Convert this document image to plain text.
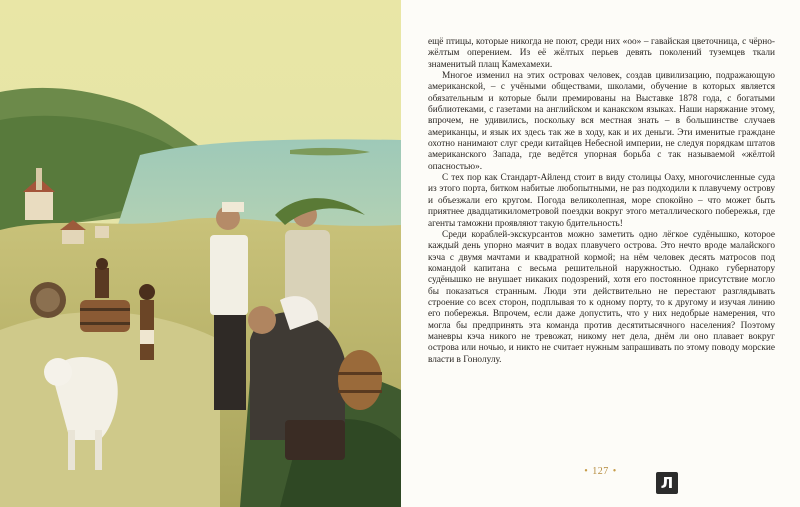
ещё птицы, которые никогда не поют, среди них «оо» – гавайская цветочница, с чёрно-жёлтым оперением. Из её жёлтых перьев девять поколений туземцев ткали знаменитый плащ Камехамехи.

Многое изменил на этих островах человек, создав цивилизацию, подражающую американской, – с учёными обществами, школами, обучение в которых является обязательным и которые были премированы на Выставке 1878 года, с богатыми библиотеками, с газетами на английском и канакском языках. Наши наряжание этому, впрочем, не удивились, поскольку вся местная знать – в большинстве случаев американцы, и язык их здесь так же в ходу, как и их деньги. Эти именитые граждане охотно нанимают слуг среди китайцев Небесной империи, не следуя порядкам штатов американского Запада, где ведётся упорная борьба с так называемой «жёлтой опасностью».

С тех пор как Стандарт-Айленд стоит в виду столицы Оаху, многочисленные суда из этого порта, битком набитые любопытными, не раз подходили к плавучему острову и объезжали его кругом. Погода великолепная, море спокойно – что может быть приятнее двадцатикилометровой поездки вокруг этого металлического побережья, где агенты таможни проявляют такую бдительность!

Среди кораблей-экскурсантов можно заметить одно лёгкое судёнышко, которое каждый день упорно маячит в водах плавучего острова. Это нечто вроде малайского кэча с двумя мачтами и квадратной кормой; на нём человек десять матросов под командой капитана с весьма решительной наружностью. Однако губернатору судёнышко не внушает никаких подозрений, хотя его постоянное присутствие могло бы показаться странным. Люди эти действительно не перестают разглядывать строение со всех сторон, подплывая то к одному порту, то к другому и изучая линию его побережья. Впрочем, если даже допустить, что у них недобрые намерения, что могла бы предпринять эта команда против десятитысячного населения? Поэтому маневры кэча никого не тревожат, никому нет дела, днём ли оно плавает вокруг острова или ночью, и никто не считает нужным запрашивать по этому поводу морские власти в Гонолулу.

• 127 •
Л
